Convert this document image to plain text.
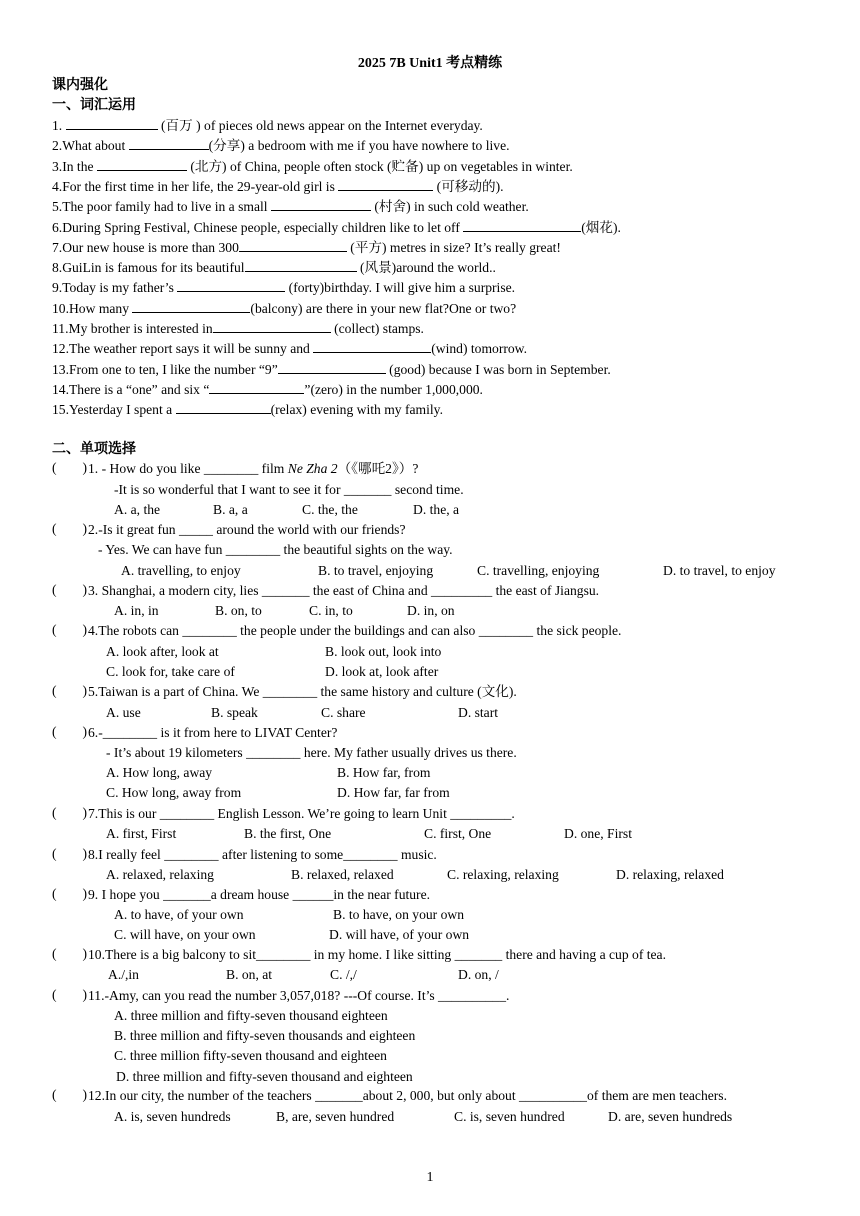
2025 7B Unit1 考点精练
课内强化
一、词汇运用
1.	(百万 ) of pieces old news appear on the Internet everyday.
2.What about	(分享) a bedroom with me if you have nowhere to live.
3.In the	(北方) of China, people often stock (贮备) up on vegetables in winter.
4.For the first time in her life, the 29-year-old girl is	(可移动的).
5.The poor family had to live in a small	(村舍) in such cold weather.
6.During Spring Festival, Chinese people, especially children like to let off	(烟花).
7.Our new house is more than 300	(平方) metres in size? It’s really great!
8.GuiLin is famous for its beautiful	(风景)around the world..
9.Today is my father’s	(forty)birthday. I will give him a surprise.
10.How many	(balcony) are there in your new flat?One or two?
11.My brother is interested in	(collect) stamps.
12.The weather report says it will be sunny and	(wind) tomorrow.
13.From one to ten, I like the number “9”	(good) because I was born in September.
14.There is a “one” and six “	”(zero) in the number 1,000,000.
15.Yesterday I spent a	(relax) evening with my family.
二、单项选择
( ) 1. - How do you like ________ film Ne Zha 2（《哪吒2》）?
-It is so wonderful that I want to see it for _______ second time.
A. a, the	B. a, a	C. the, the	D. the, a
( ) 2.-Is it great fun _____ around the world with our friends?
- Yes. We can have fun ________ the beautiful sights on the way.
A. travelling, to enjoy	B. to travel, enjoying	C. travelling, enjoying	D. to travel, to enjoy
( ) 3. Shanghai, a modern city, lies _______ the east of China and _________ the east of Jiangsu.
A. in, in	B. on, to	C. in, to	D. in, on
( ) 4.The robots can ________ the people under the buildings and can also ________ the sick people.
A. look after, look at	B. look out, look into
C. look for, take care of	D. look at, look after
( ) 5.Taiwan is a part of China. We ________ the same history and culture (文化).
A. use	B. speak	C. share	D. start
( ) 6.-________ is it from here to LIVAT Center?
- It’s about 19 kilometers ________ here. My father usually drives us there.
A. How long, away	B. How far, from
C. How long, away from	D. How far, far from
( ) 7.This is our ________ English Lesson. We’re going to learn Unit _________.
A. first, First	B. the first, One	C. first, One	D. one, First
( ) 8.I really feel ________ after listening to some________ music.
A. relaxed, relaxing	B. relaxed, relaxed	C. relaxing, relaxing	D. relaxing, relaxed
( ) 9. I hope you _______a dream house ______in the near future.
A. to have, of your own	B. to have, on your own
C. will have, on your own	D. will have, of your own
( ) 10.There is a big balcony to sit________ in my home. I like sitting _______ there and having a cup of tea.
A./,in	B. on, at	C. /,/	D. on, /
( ) 11.-Amy, can you read the number 3,057,018? ---Of course. It’s __________.
A. three million and fifty-seven thousand eighteen
B. three million and fifty-seven thousands and eighteen
C. three million fifty-seven thousand and eighteen
D. three million and fifty-seven thousand and eighteen
( ) 12.In our city, the number of the teachers _______about 2, 000, but only about __________of them are men teachers.
A. is, seven hundreds	B, are, seven hundred	C. is, seven hundred	D. are, seven hundreds
1
